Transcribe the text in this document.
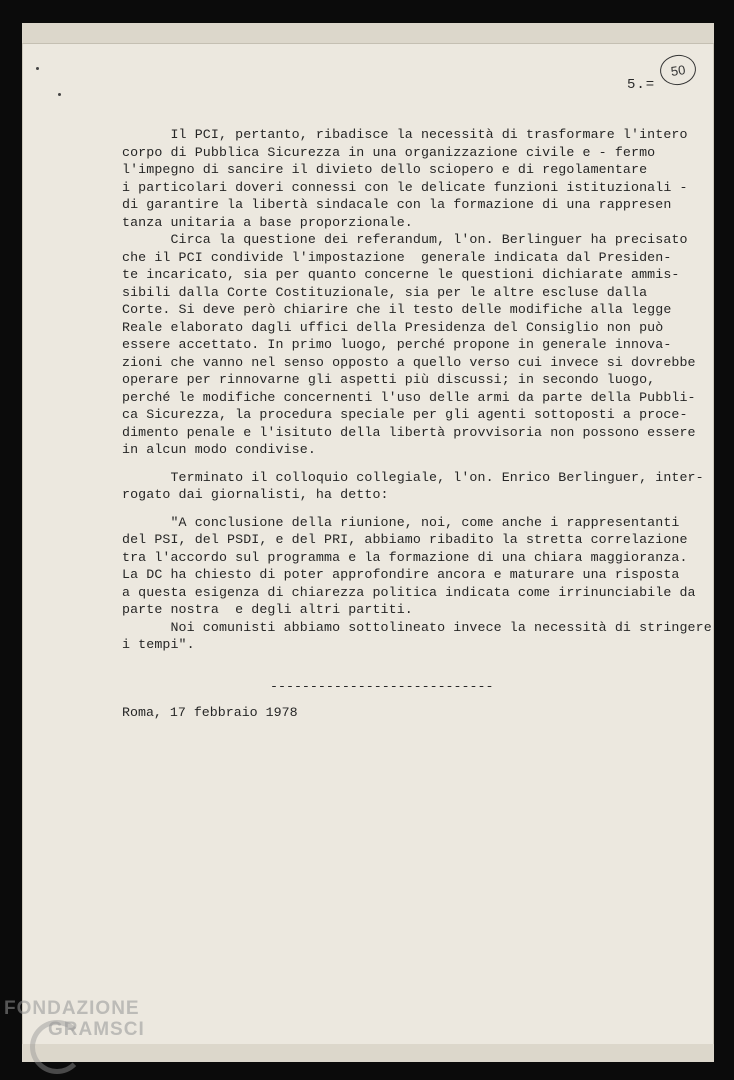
5.=
50
Il PCI, pertanto, ribadisce la necessità di trasformare l'intero
corpo di Pubblica Sicurezza in una organizzazione civile e - fermo
l'impegno di sancire il divieto dello sciopero e di regolamentare
i particolari doveri connessi con le delicate funzioni istituzionali -
di garantire la libertà sindacale con la formazione di una rappresen
tanza unitaria a base proporzionale.
Circa la questione dei referandum, l'on. Berlinguer ha precisato
che il PCI condivide l'impostazione  generale indicata dal Presiden-
te incaricato, sia per quanto concerne le questioni dichiarate ammis-
sibili dalla Corte Costituzionale, sia per le altre escluse dalla
Corte. Si deve però chiarire che il testo delle modifiche alla legge
Reale elaborato dagli uffici della Presidenza del Consiglio non può
essere accettato. In primo luogo, perché propone in generale innova-
zioni che vanno nel senso opposto a quello verso cui invece si dovrebbe
operare per rinnovarne gli aspetti più discussi; in secondo luogo,
perché le modifiche concernenti l'uso delle armi da parte della Pubbli-
ca Sicurezza, la procedura speciale per gli agenti sottoposti a proce-
dimento penale e l'isituto della libertà provvisoria non possono essere
in alcun modo condivise.
Terminato il colloquio collegiale, l'on. Enrico Berlinguer, inter-
rogato dai giornalisti, ha detto:
"A conclusione della riunione, noi, come anche i rappresentanti
del PSI, del PSDI, e del PRI, abbiamo ribadito la stretta correlazione
tra l'accordo sul programma e la formazione di una chiara maggioranza.
La DC ha chiesto di poter approfondire ancora e maturare una risposta
a questa esigenza di chiarezza politica indicata come irrinunciabile da
parte nostra  e degli altri partiti.
Noi comunisti abbiamo sottolineato invece la necessità di stringere
i tempi".
----------------------------
Roma, 17 febbraio 1978
FONDAZIONE
GRAMSCI
